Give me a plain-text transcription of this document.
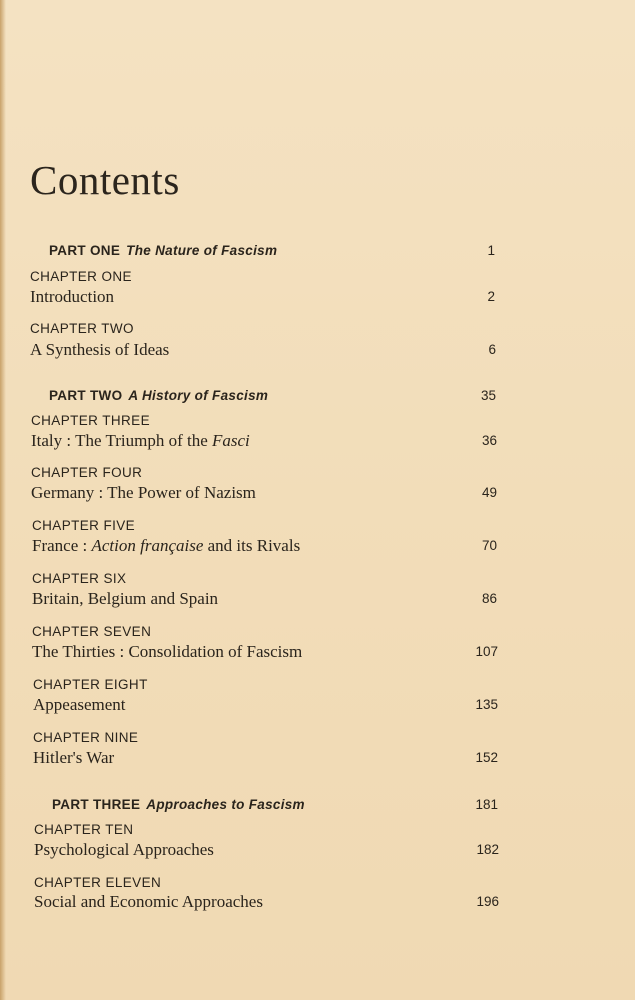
Contents
PART ONE The Nature of Fascism	1
CHAPTER ONE
Introduction	2
CHAPTER TWO
A Synthesis of Ideas	6
PART TWO A History of Fascism	35
CHAPTER THREE
Italy : The Triumph of the Fasci	36
CHAPTER FOUR
Germany : The Power of Nazism	49
CHAPTER FIVE
France : Action française and its Rivals	70
CHAPTER SIX
Britain, Belgium and Spain	86
CHAPTER SEVEN
The Thirties : Consolidation of Fascism	107
CHAPTER EIGHT
Appeasement	135
CHAPTER NINE
Hitler's War	152
PART THREE Approaches to Fascism	181
CHAPTER TEN
Psychological Approaches	182
CHAPTER ELEVEN
Social and Economic Approaches	196
